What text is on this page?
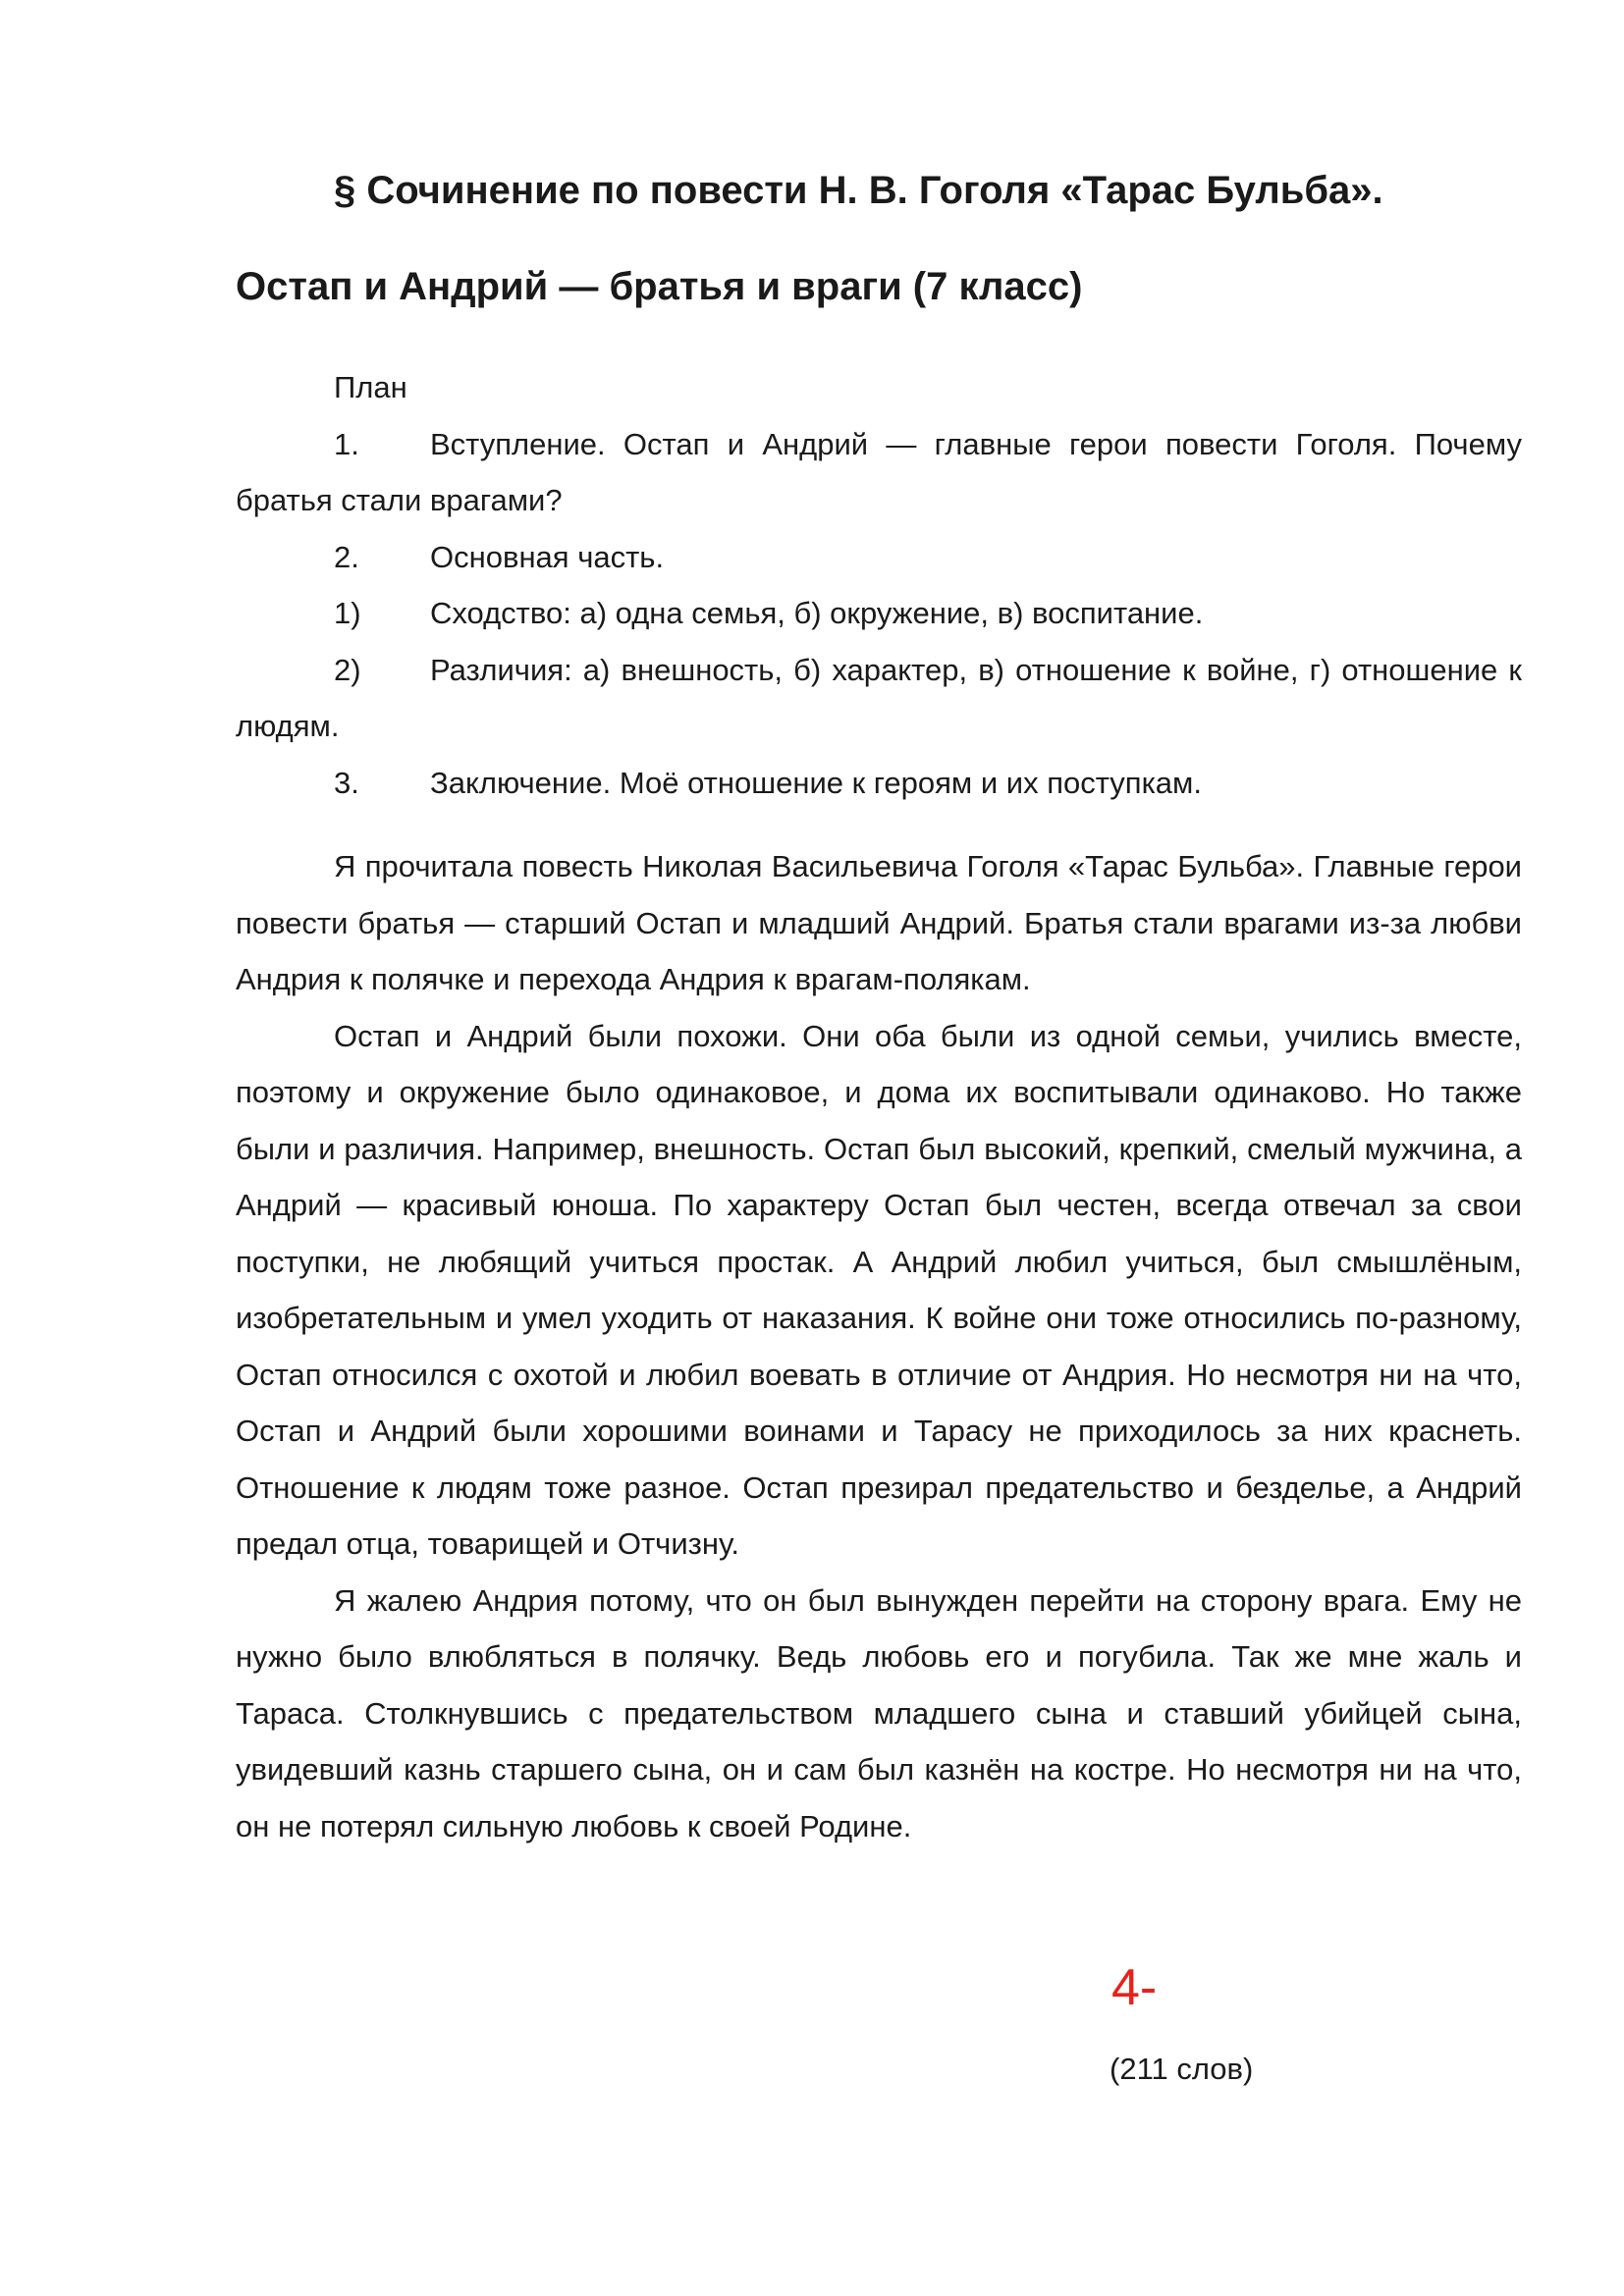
§ Сочинение по повести Н. В. Гоголя «Тарас Бульба».
Остап и Андрий — братья и враги (7 класс)

План

1. Вступление. Остап и Андрий — главные герои повести Гоголя. Почему братья стали врагами?

2. Основная часть.

1) Сходство: а) одна семья, б) окружение, в) воспитание.

2) Различия: а) внешность, б) характер, в) отношение к войне, г) отношение к людям.

3. Заключение. Моё отношение к героям и их поступкам.

Я прочитала повесть Николая Васильевича Гоголя «Тарас Бульба». Главные герои повести братья — старший Остап и младший Андрий. Братья стали врагами из-за любви Андрия к полячке и перехода Андрия к врагам-полякам.

Остап и Андрий были похожи. Они оба были из одной семьи, учились вместе, поэтому и окружение было одинаковое, и дома их воспитывали одинаково. Но также были и различия. Например, внешность. Остап был высокий, крепкий, смелый мужчина, а Андрий — красивый юноша. По характеру Остап был честен, всегда отвечал за свои поступки, не любящий учиться простак. А Андрий любил учиться, был смышлёным, изобретательным и умел уходить от наказания. К войне они тоже относились по-разному, Остап относился с охотой и любил воевать в отличие от Андрия. Но несмотря ни на что, Остап и Андрий были хорошими воинами и Тарасу не приходилось за них краснеть. Отношение к людям тоже разное. Остап презирал предательство и безделье, а Андрий предал отца, товарищей и Отчизну.

Я жалею Андрия потому, что он был вынужден перейти на сторону врага. Ему не нужно было влюбляться в полячку. Ведь любовь его и погубила. Так же мне жаль и Тараса. Столкнувшись с предательством младшего сына и ставший убийцей сына, увидевший казнь старшего сына, он и сам был казнён на костре. Но несмотря ни на что, он не потерял сильную любовь к своей Родине.

4-
(211 слов)
